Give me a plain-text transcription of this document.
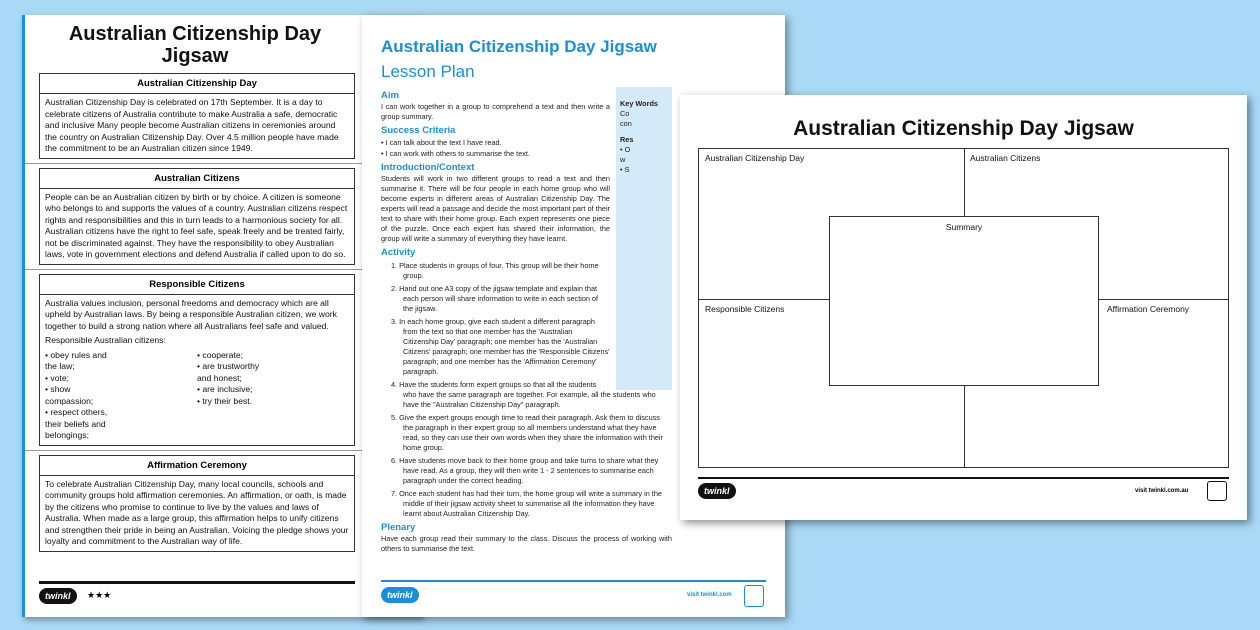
Australian Citizenship Day Jigsaw
Australian Citizenship Day
Australian Citizenship Day is celebrated on 17th September. It is a day to celebrate citizens of Australia contribute to make Australia a safe, democratic and inclusive Many people become Australian citizens in ceremonies around the country on Australian Citizenship Day. Over 4.5 million people have made the commitment to be an Australian citizen since 1949.
Australian Citizens
People can be an Australian citizen by birth or by choice. A citizen is someone who belongs to and supports the values of a country. Australian citizens respect rights and responsibilities and this in turn leads to a harmonious society for all. Australian citizens have the right to feel safe, speak freely and be treated fairly, not be discriminated against. They have the responsibility to obey Australian laws, vote in government elections and defend Australia if called upon to do so.
Responsible Citizens
Australia values inclusion, personal freedoms and democracy which are all upheld by Australian laws. By being a responsible Australian citizen, we work together to build a strong nation where all Australians feel safe and valued.
Responsible Australian citizens:
• obey rules and the law;
• vote;
• show compassion;
• respect others, their beliefs and belongings;
• cooperate;
• are trustworthy and honest;
• are inclusive;
• try their best.
Affirmation Ceremony
To celebrate Australian Citizenship Day, many local councils, schools and community groups hold affirmation ceremonies. An affirmation, or oath, is made by the citizens who promise to continue to live by the values and laws of Australia. When made as a large group, this affirmation helps to unify citizens and strengthen their pride in being an Australian. Voicing the pledge shows your loyalty and commitment to the Australian way of life.
twinkl	★★★
Australian Citizenship Day Jigsaw
Lesson Plan
Key Words
Co
con
Res
• O
w
• S
Aim

I can work together in a group to comprehend a text and then write a group summary.

Success Criteria
• I can talk about the text I have read.
• I can work with others to summarise the text.
Introduction/Context

Students will work in two different groups to read a text and then summarise it. There will be four people in each home group who will become experts in different areas of Australian Citizenship Day. The experts will read a passage and decide the most important part of their text to share with their home group. Each expert represents one piece of the puzzle. Once each expert has shared their information, the group will write a summary of everything they have learnt.

Activity
1. Place students in groups of four. This group will be their home group.
2. Hand out one A3 copy of the jigsaw template and explain that each person will share information to write in each section of the jigsaw.
3. In each home group, give each student a different paragraph from the text so that one member has the 'Australian Citizenship Day' paragraph; one member has the 'Australian Citizens' paragraph; one member has the 'Responsible Citizens' paragraph; and one member has the 'Affirmation Ceremony' paragraph.
4. Have the students form expert groups so that all the students who have the same paragraph are together. For example, all the students who have the "Australian Citizenship Day" paragraph.
5. Give the expert groups enough time to read their paragraph. Ask them to discuss the paragraph in their expert group so all members understand what they have read, so they can use their own words when they share the information with their home group.
6. Have students move back to their home group and take turns to share what they have read. As a group, they will then write 1 - 2 sentences to summarise each paragraph under the correct heading.
7. Once each student has had their turn, the home group will write a summary in the middle of their jigsaw activity sheet to summarise all the information they have learnt about Australian Citizenship Day.
Plenary

Have each group read their summary to the class. Discuss the process of working with others to summarise the text.

twinkl	visit twinkl.com
Australian Citizenship Day Jigsaw
Australian Citizenship Day	Australian Citizens
Responsible Citizens	Affirmation Ceremony
Summary
twinkl	visit twinkl.com.au
